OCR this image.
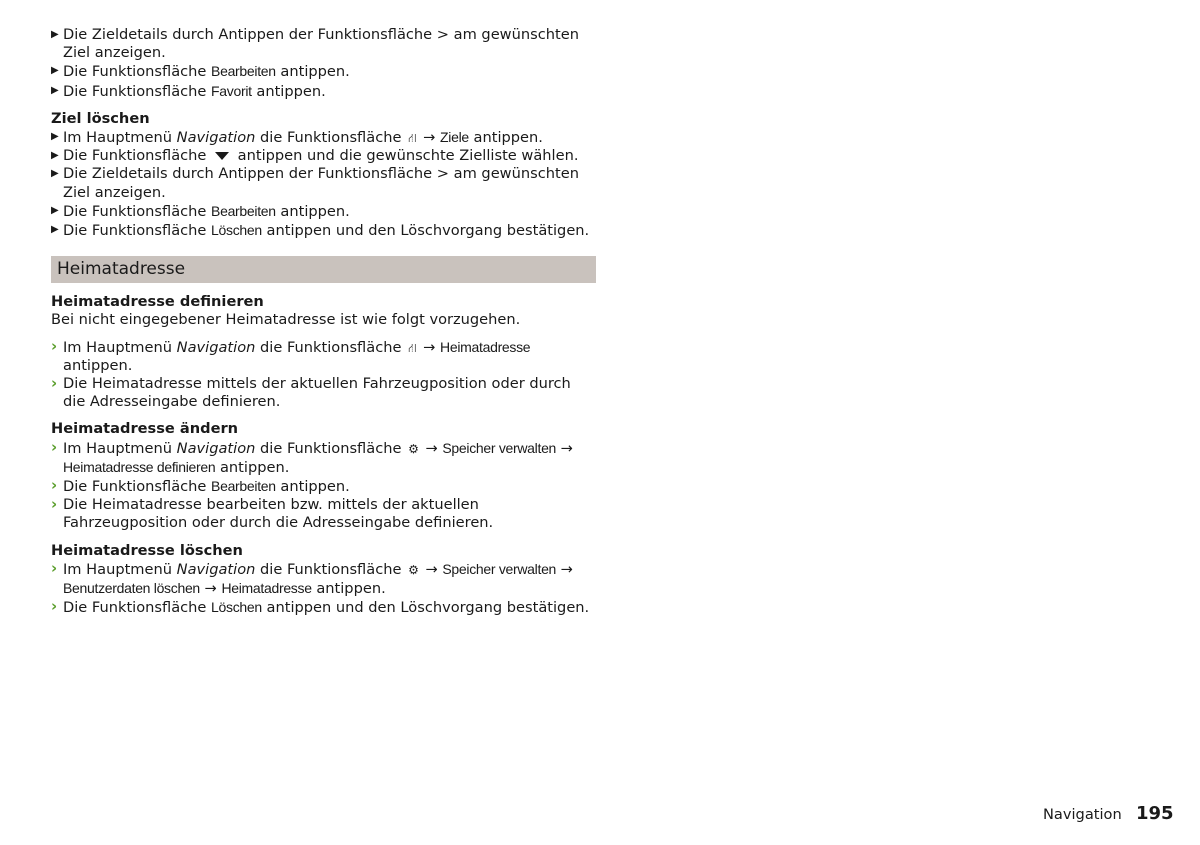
▶ Die Zieldetails durch Antippen der Funktionsfläche > am gewünschten Ziel anzeigen.
▶ Die Funktionsfläche Bearbeiten antippen.
▶ Die Funktionsfläche Favorit antippen.
Ziel löschen
▶ Im Hauptmenü Navigation die Funktionsfläche ⛙ → Ziele antippen.
▶ Die Funktionsfläche  antippen und die gewünschte Zielliste wählen.
▶ Die Zieldetails durch Antippen der Funktionsfläche > am gewünschten Ziel anzeigen.
▶ Die Funktionsfläche Bearbeiten antippen.
▶ Die Funktionsfläche Löschen antippen und den Löschvorgang bestätigen.
Heimatadresse
Heimatadresse definieren
Bei nicht eingegebener Heimatadresse ist wie folgt vorzugehen.
› Im Hauptmenü Navigation die Funktionsfläche ⛙ → Heimatadresse antippen.
› Die Heimatadresse mittels der aktuellen Fahrzeugposition oder durch die Adresseingabe definieren.
Heimatadresse ändern
› Im Hauptmenü Navigation die Funktionsfläche ⚙ → Speicher verwalten → Heimatadresse definieren antippen.
› Die Funktionsfläche Bearbeiten antippen.
› Die Heimatadresse bearbeiten bzw. mittels der aktuellen Fahrzeugposition oder durch die Adresseingabe definieren.
Heimatadresse löschen
› Im Hauptmenü Navigation die Funktionsfläche ⚙ → Speicher verwalten → Benutzerdaten löschen → Heimatadresse antippen.
› Die Funktionsfläche Löschen antippen und den Löschvorgang bestätigen.
Navigation 195
